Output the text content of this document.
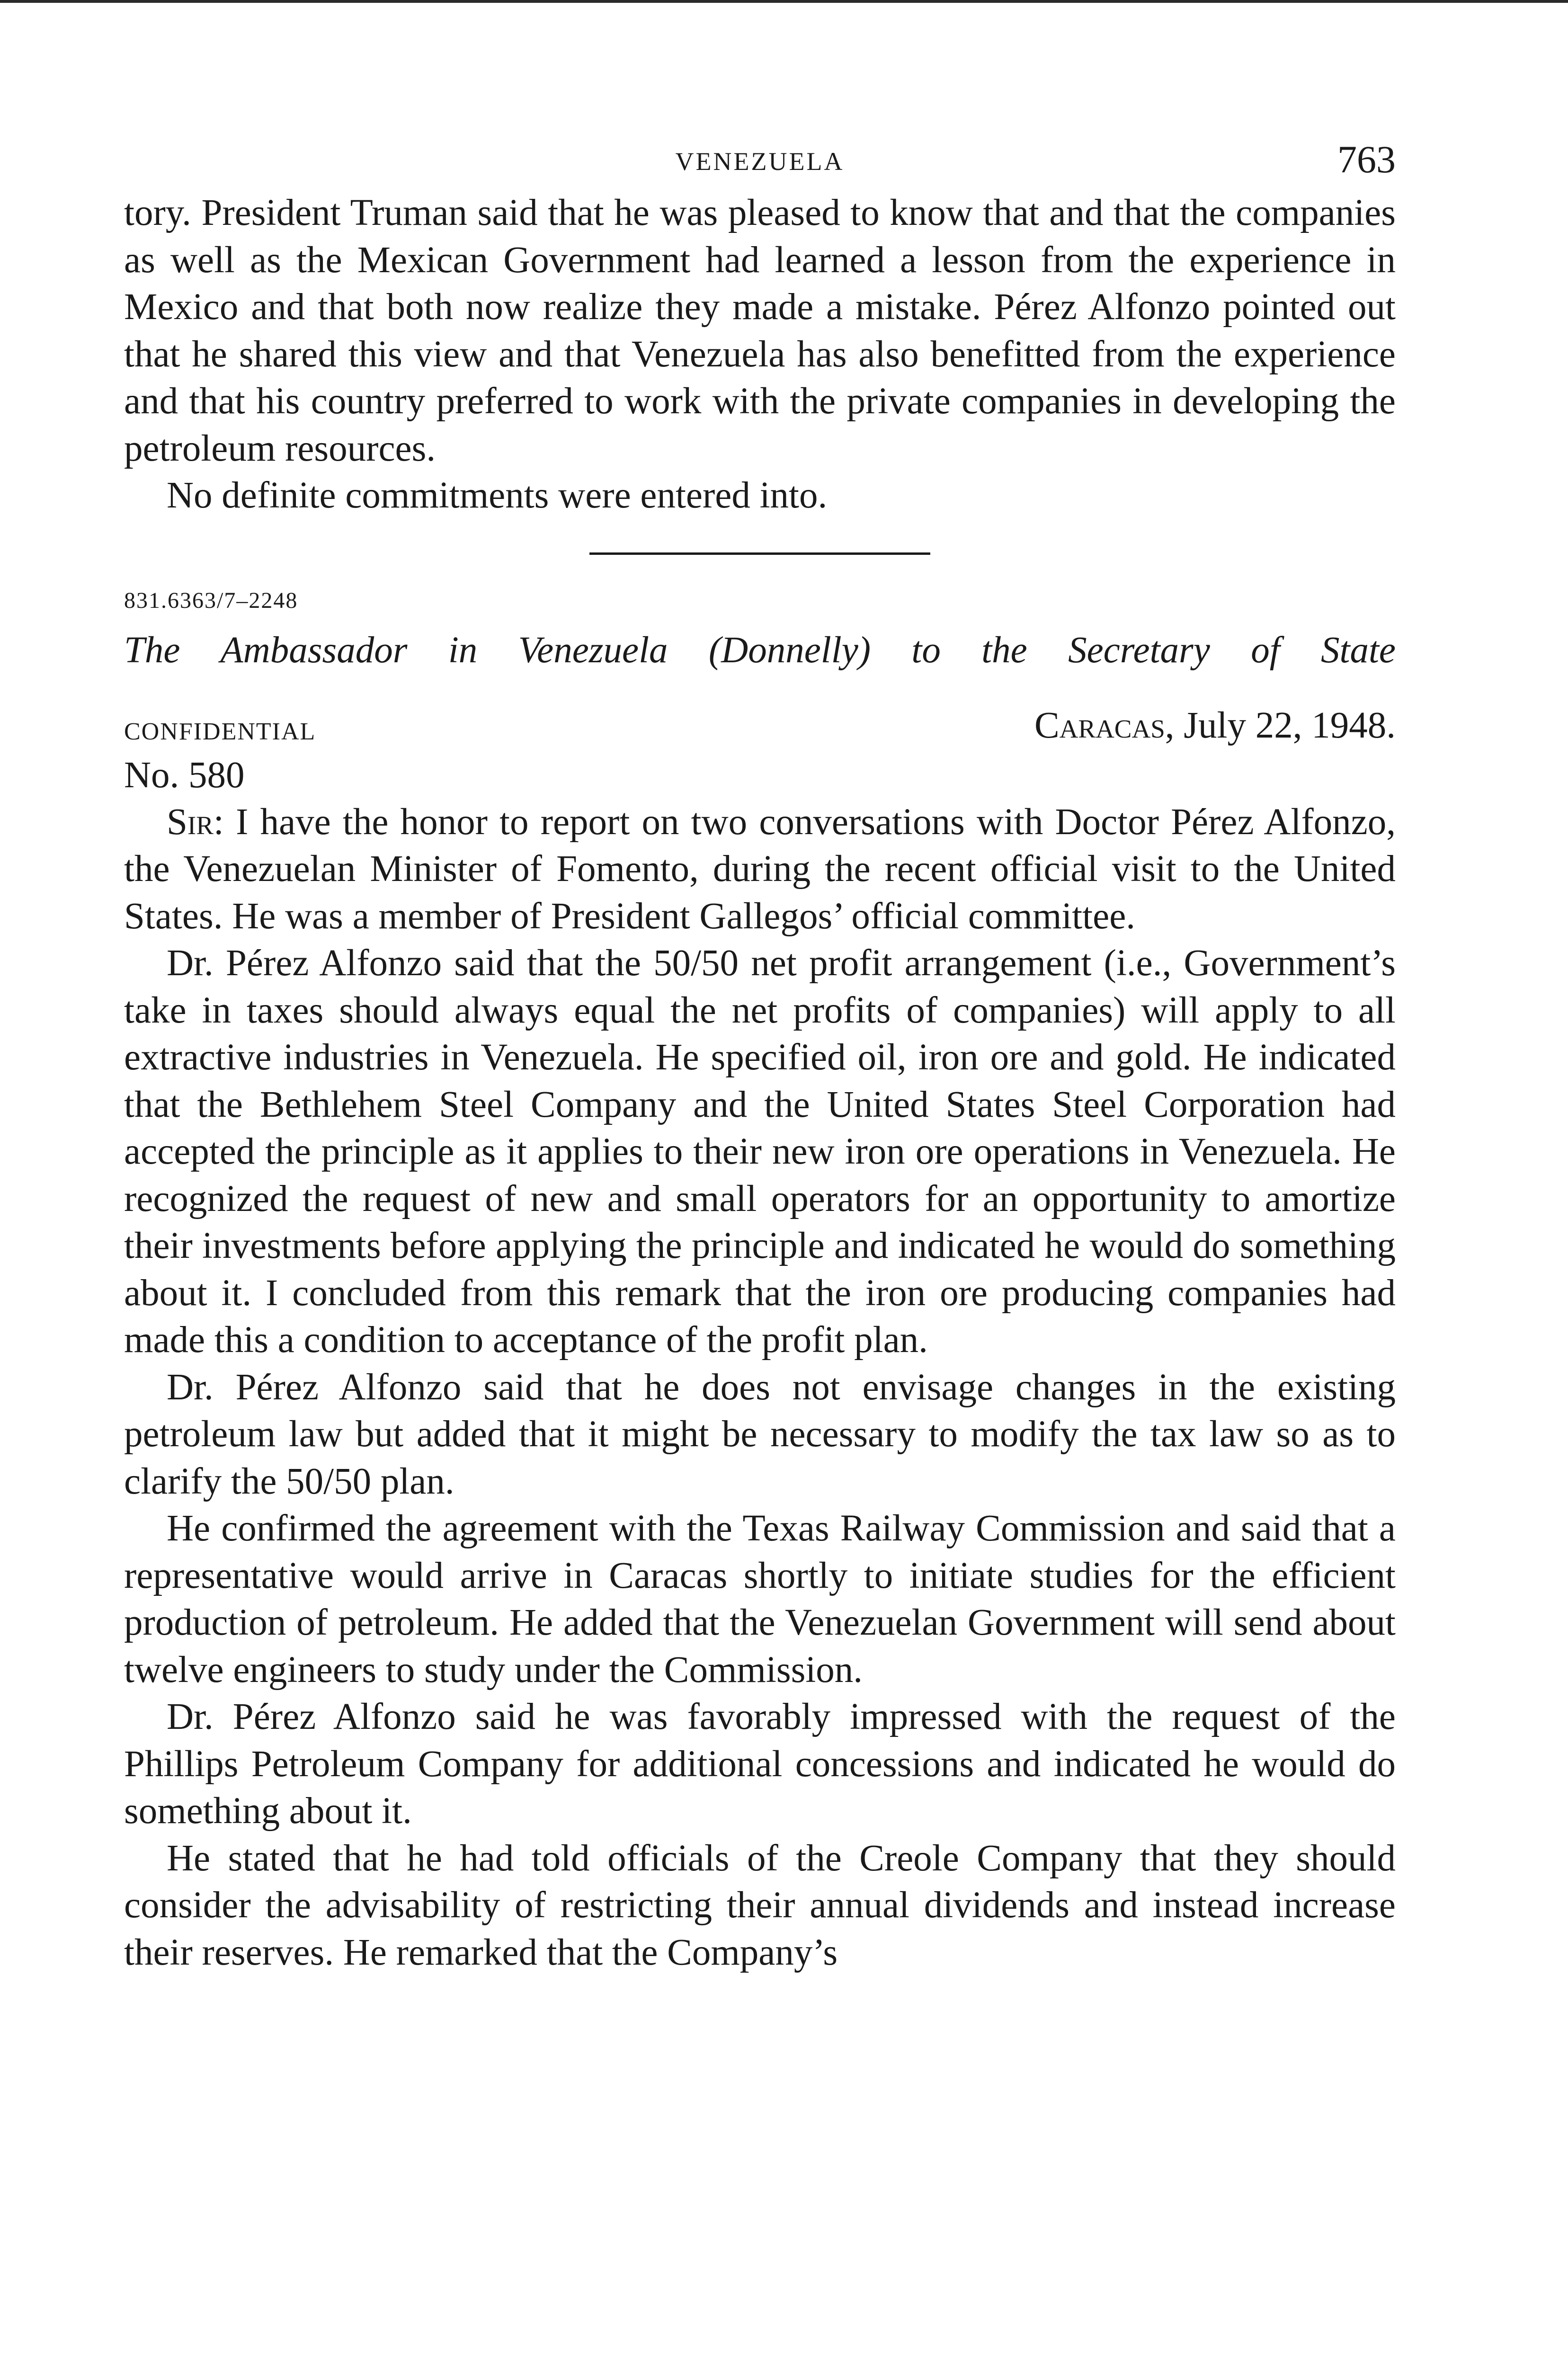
VENEZUELA	763

tory. President Truman said that he was pleased to know that and that the companies as well as the Mexican Government had learned a lesson from the experience in Mexico and that both now realize they made a mistake. Pérez Alfonzo pointed out that he shared this view and that Venezuela has also benefitted from the experience and that his country preferred to work with the private companies in developing the petroleum resources.

No definite commitments were entered into.

831.6363/7–2248
The Ambassador in Venezuela (Donnelly) to the Secretary of State
CONFIDENTIAL	Caracas, July 22, 1948.
No. 580

Sir: I have the honor to report on two conversations with Doctor Pérez Alfonzo, the Venezuelan Minister of Fomento, during the recent official visit to the United States. He was a member of President Gallegos’ official committee.

Dr. Pérez Alfonzo said that the 50/50 net profit arrangement (i.e., Government’s take in taxes should always equal the net profits of companies) will apply to all extractive industries in Venezuela. He specified oil, iron ore and gold. He indicated that the Bethlehem Steel Company and the United States Steel Corporation had accepted the principle as it applies to their new iron ore operations in Venezuela. He recognized the request of new and small operators for an opportunity to amortize their investments before applying the principle and indicated he would do something about it. I concluded from this remark that the iron ore producing companies had made this a condition to acceptance of the profit plan.

Dr. Pérez Alfonzo said that he does not envisage changes in the existing petroleum law but added that it might be necessary to modify the tax law so as to clarify the 50/50 plan.

He confirmed the agreement with the Texas Railway Commission and said that a representative would arrive in Caracas shortly to initiate studies for the efficient production of petroleum. He added that the Venezuelan Government will send about twelve engineers to study under the Commission.

Dr. Pérez Alfonzo said he was favorably impressed with the request of the Phillips Petroleum Company for additional concessions and indicated he would do something about it.

He stated that he had told officials of the Creole Company that they should consider the advisability of restricting their annual dividends and instead increase their reserves. He remarked that the Company’s
